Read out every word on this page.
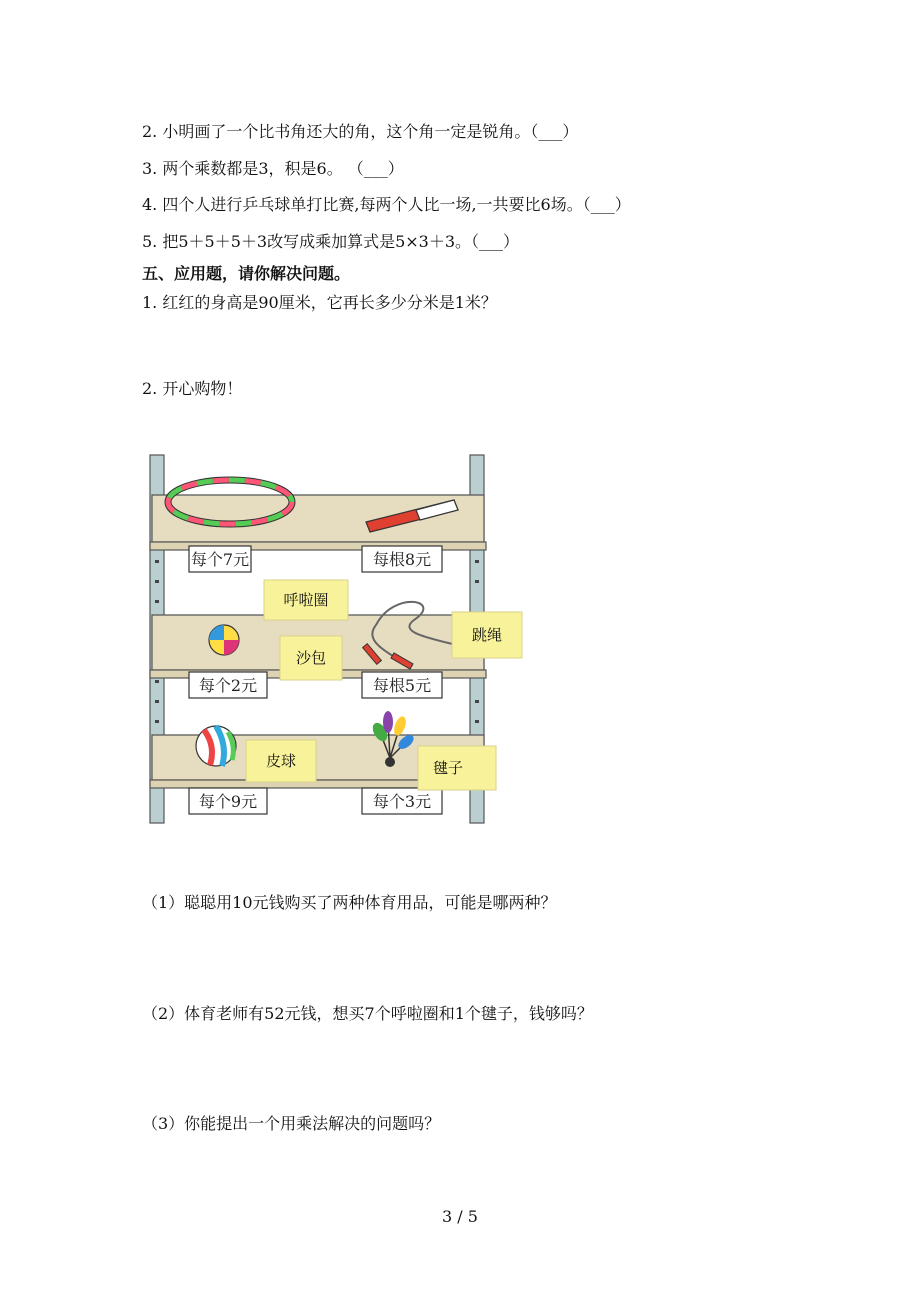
2. 小明画了一个比书角还大的角，这个角一定是锐角。（___）
3. 两个乘数都是3，积是6。 （___）
4. 四个人进行乒乓球单打比赛,每两个人比一场,一共要比6场。（___）
5. 把5＋5＋5＋3改写成乘加算式是5×3＋3。（___）
五、应用题，请你解决问题。
1. 红红的身高是90厘米，它再长多少分米是1米？
2. 开心购物！
每个7元	每根8元
每个2元	每根5元
每个9元	每个3元
呼啦圈
跳绳
沙包
皮球	毽子
（1）聪聪用10元钱购买了两种体育用品，可能是哪两种？
（2）体育老师有52元钱，想买7个呼啦圈和1个毽子，钱够吗？
（3）你能提出一个用乘法解决的问题吗？
3 / 5
